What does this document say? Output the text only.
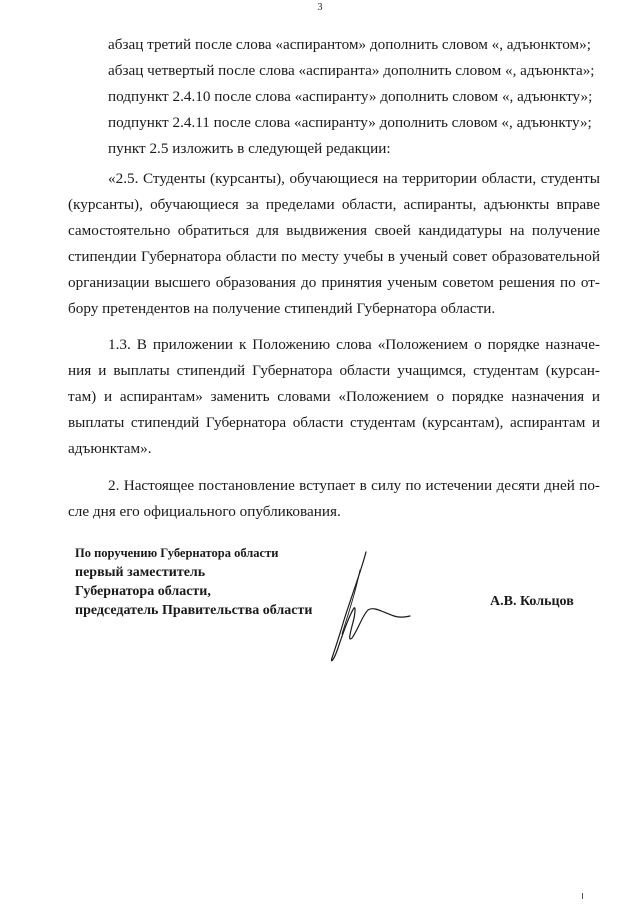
3
абзац третий после слова «аспирантом» дополнить словом «, адъюнктом»;
абзац четвертый после слова «аспиранта» дополнить словом «, адъюнкта»;
подпункт 2.4.10 после слова «аспиранту» дополнить словом «, адъюнкту»;
подпункт 2.4.11 после слова «аспиранту» дополнить словом «, адъюнкту»;
пункт 2.5 изложить в следующей редакции:
«2.5. Студенты (курсанты), обучающиеся на территории области, студенты
(курсанты), обучающиеся за пределами области, аспиранты, адъюнкты вправе
самостоятельно обратиться для выдвижения своей кандидатуры на получение
стипендии Губернатора области по месту учебы в ученый совет образовательной
организации высшего образования до принятия ученым советом решения по от-
бору претендентов на получение стипендий Губернатора области.
1.3. В приложении к Положению слова «Положением о порядке назначе-
ния и выплаты стипендий Губернатора области учащимся, студентам (курсан-
там) и аспирантам» заменить словами «Положением о порядке назначения и
выплаты стипендий Губернатора области студентам (курсантам), аспирантам и
адъюнктам».
2. Настоящее постановление вступает в силу по истечении десяти дней по-
сле дня его официального опубликования.
По поручению Губернатора области
первый заместитель
Губернатора области,
председатель Правительства области
А.В. Кольцов
